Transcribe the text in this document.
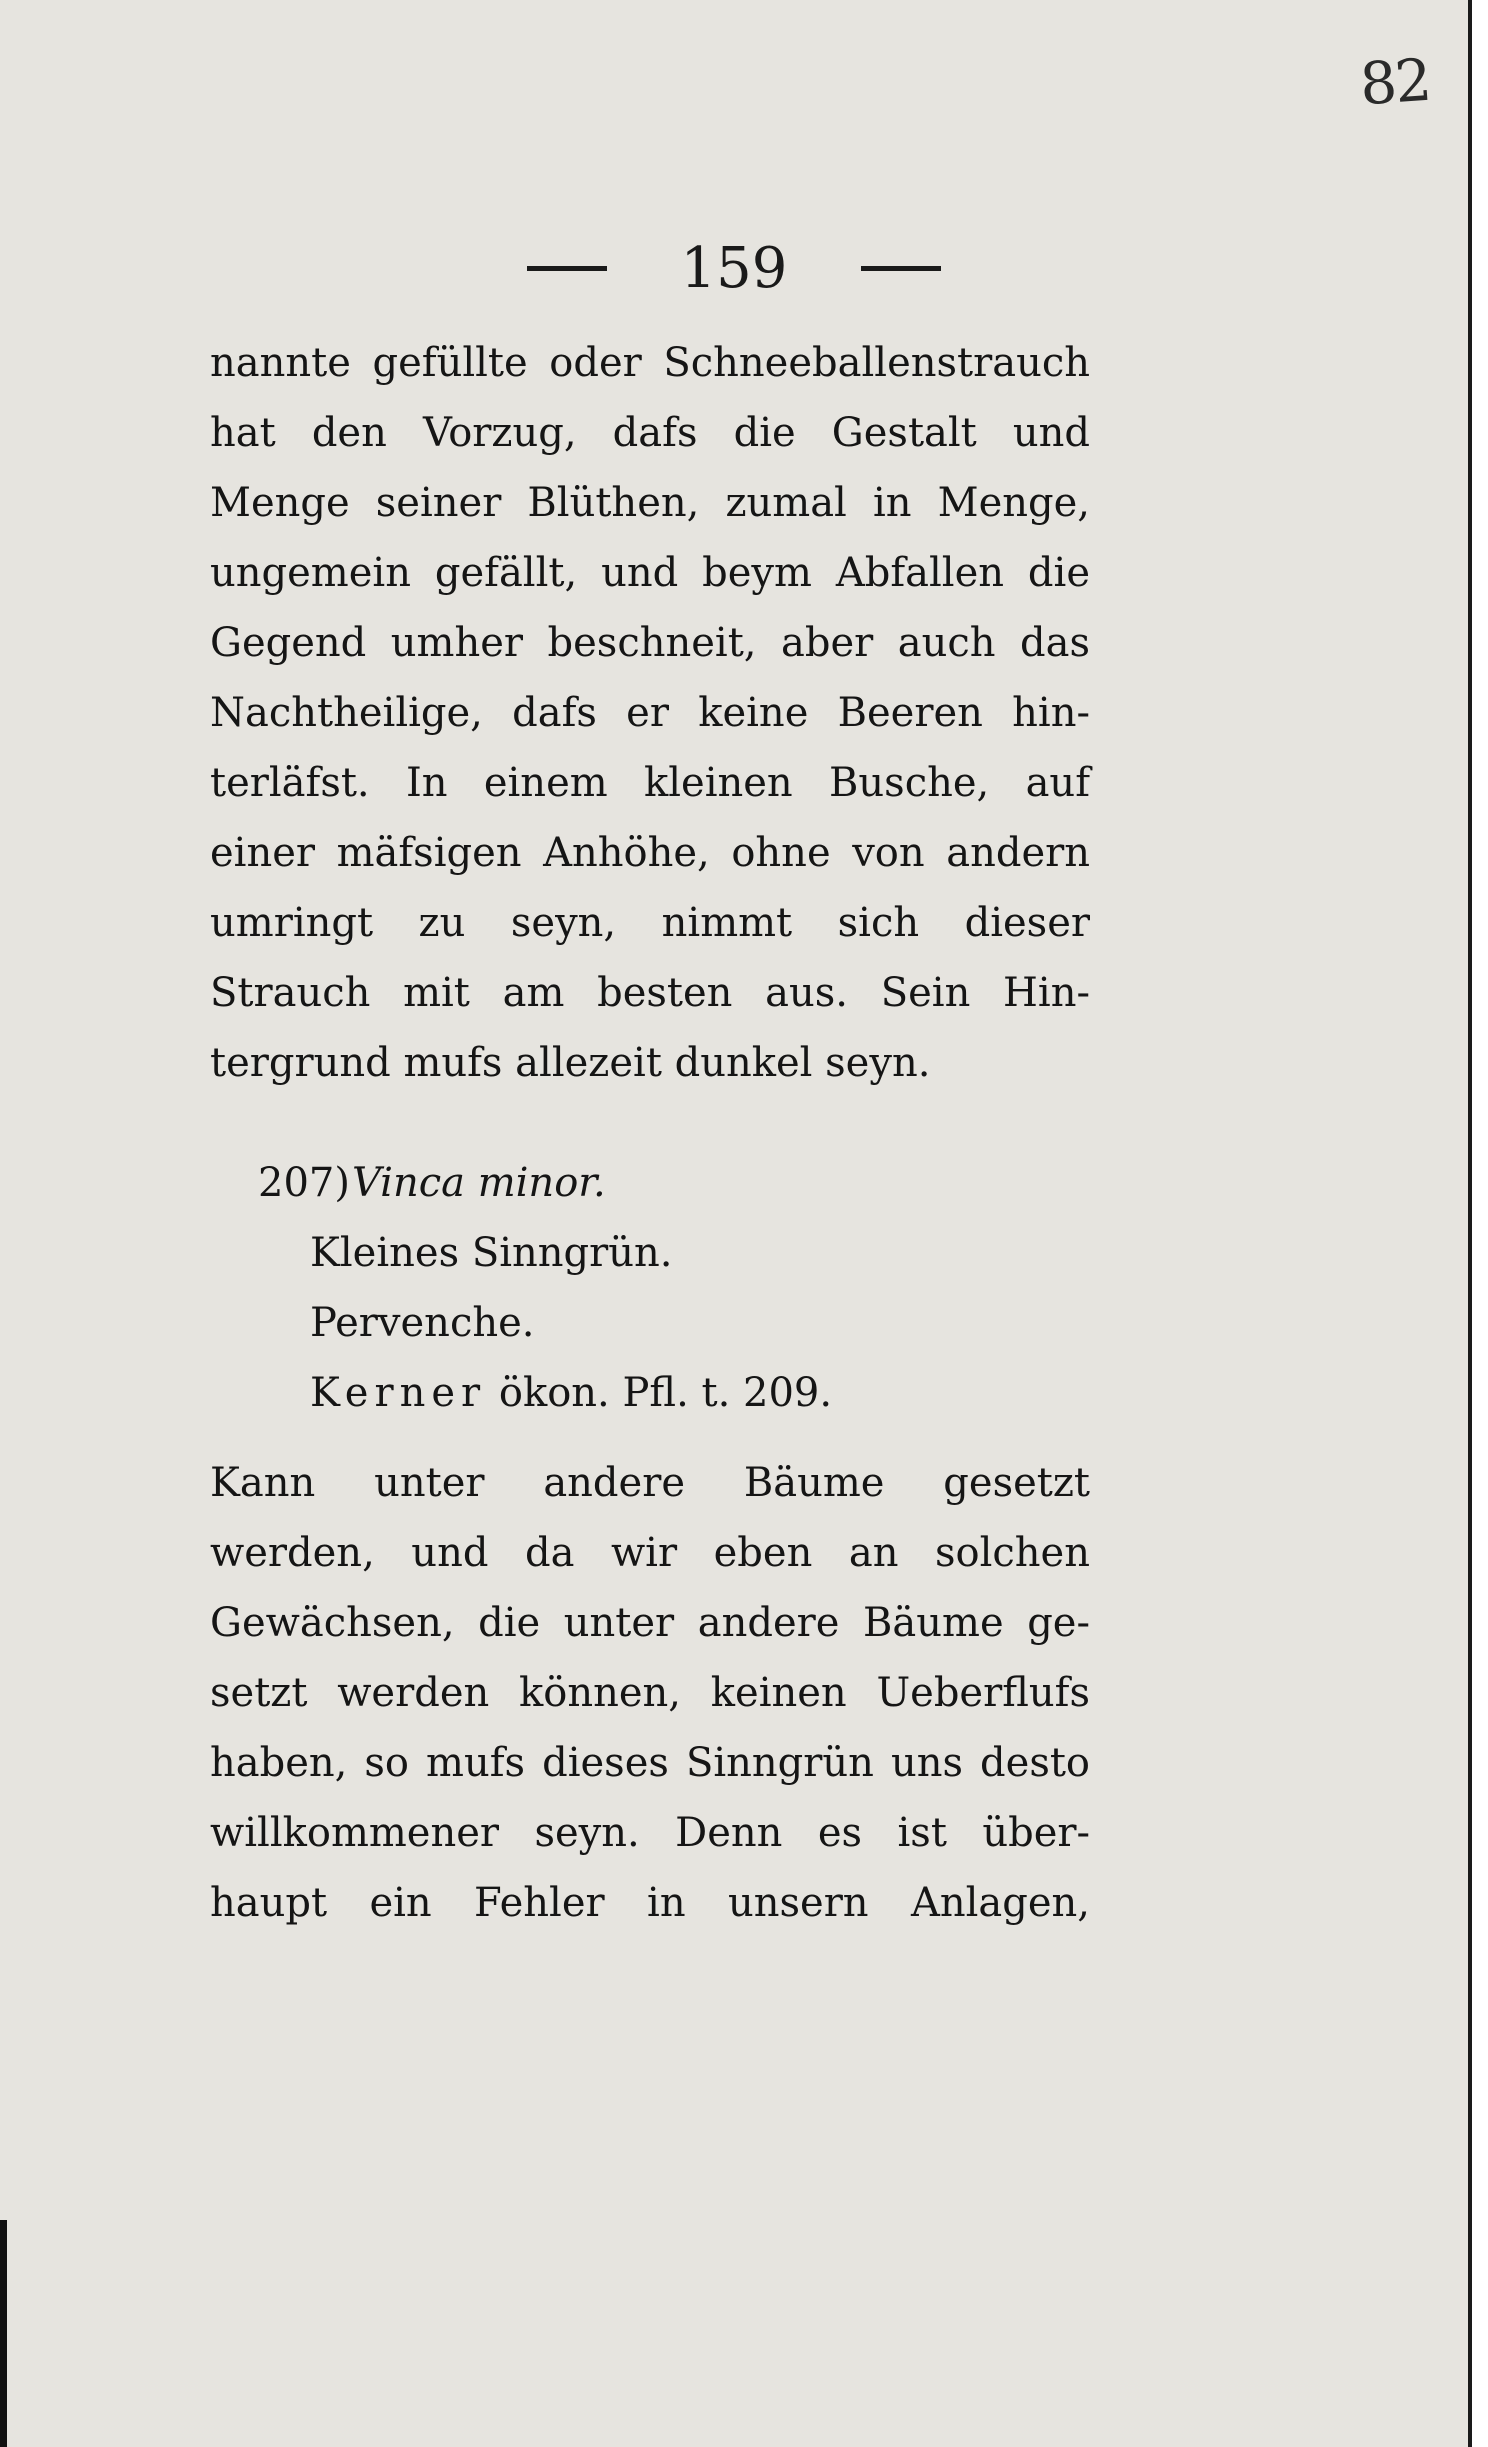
82
159
nannte gefüllte oder Schneeballenstrauch
hat den Vorzug, dafs die Gestalt und
Menge seiner Blüthen, zumal in Menge,
ungemein gefällt, und beym Abfallen die
Gegend umher beschneit, aber auch das
Nachtheilige, dafs er keine Beeren hin-
terläfst. In einem kleinen Busche, auf
einer mäfsigen Anhöhe, ohne von andern
umringt zu seyn, nimmt sich dieser
Strauch mit am besten aus. Sein Hin-
tergrund mufs allezeit dunkel seyn.
207) Vinca minor.
Kleines Sinngrün.
Pervenche.
Kerner ökon. Pfl. t. 209.
Kann unter andere Bäume gesetzt
werden, und da wir eben an solchen
Gewächsen, die unter andere Bäume ge-
setzt werden können, keinen Ueberflufs
haben, so mufs dieses Sinngrün uns desto
willkommener seyn. Denn es ist über-
haupt ein Fehler in unsern Anlagen,
